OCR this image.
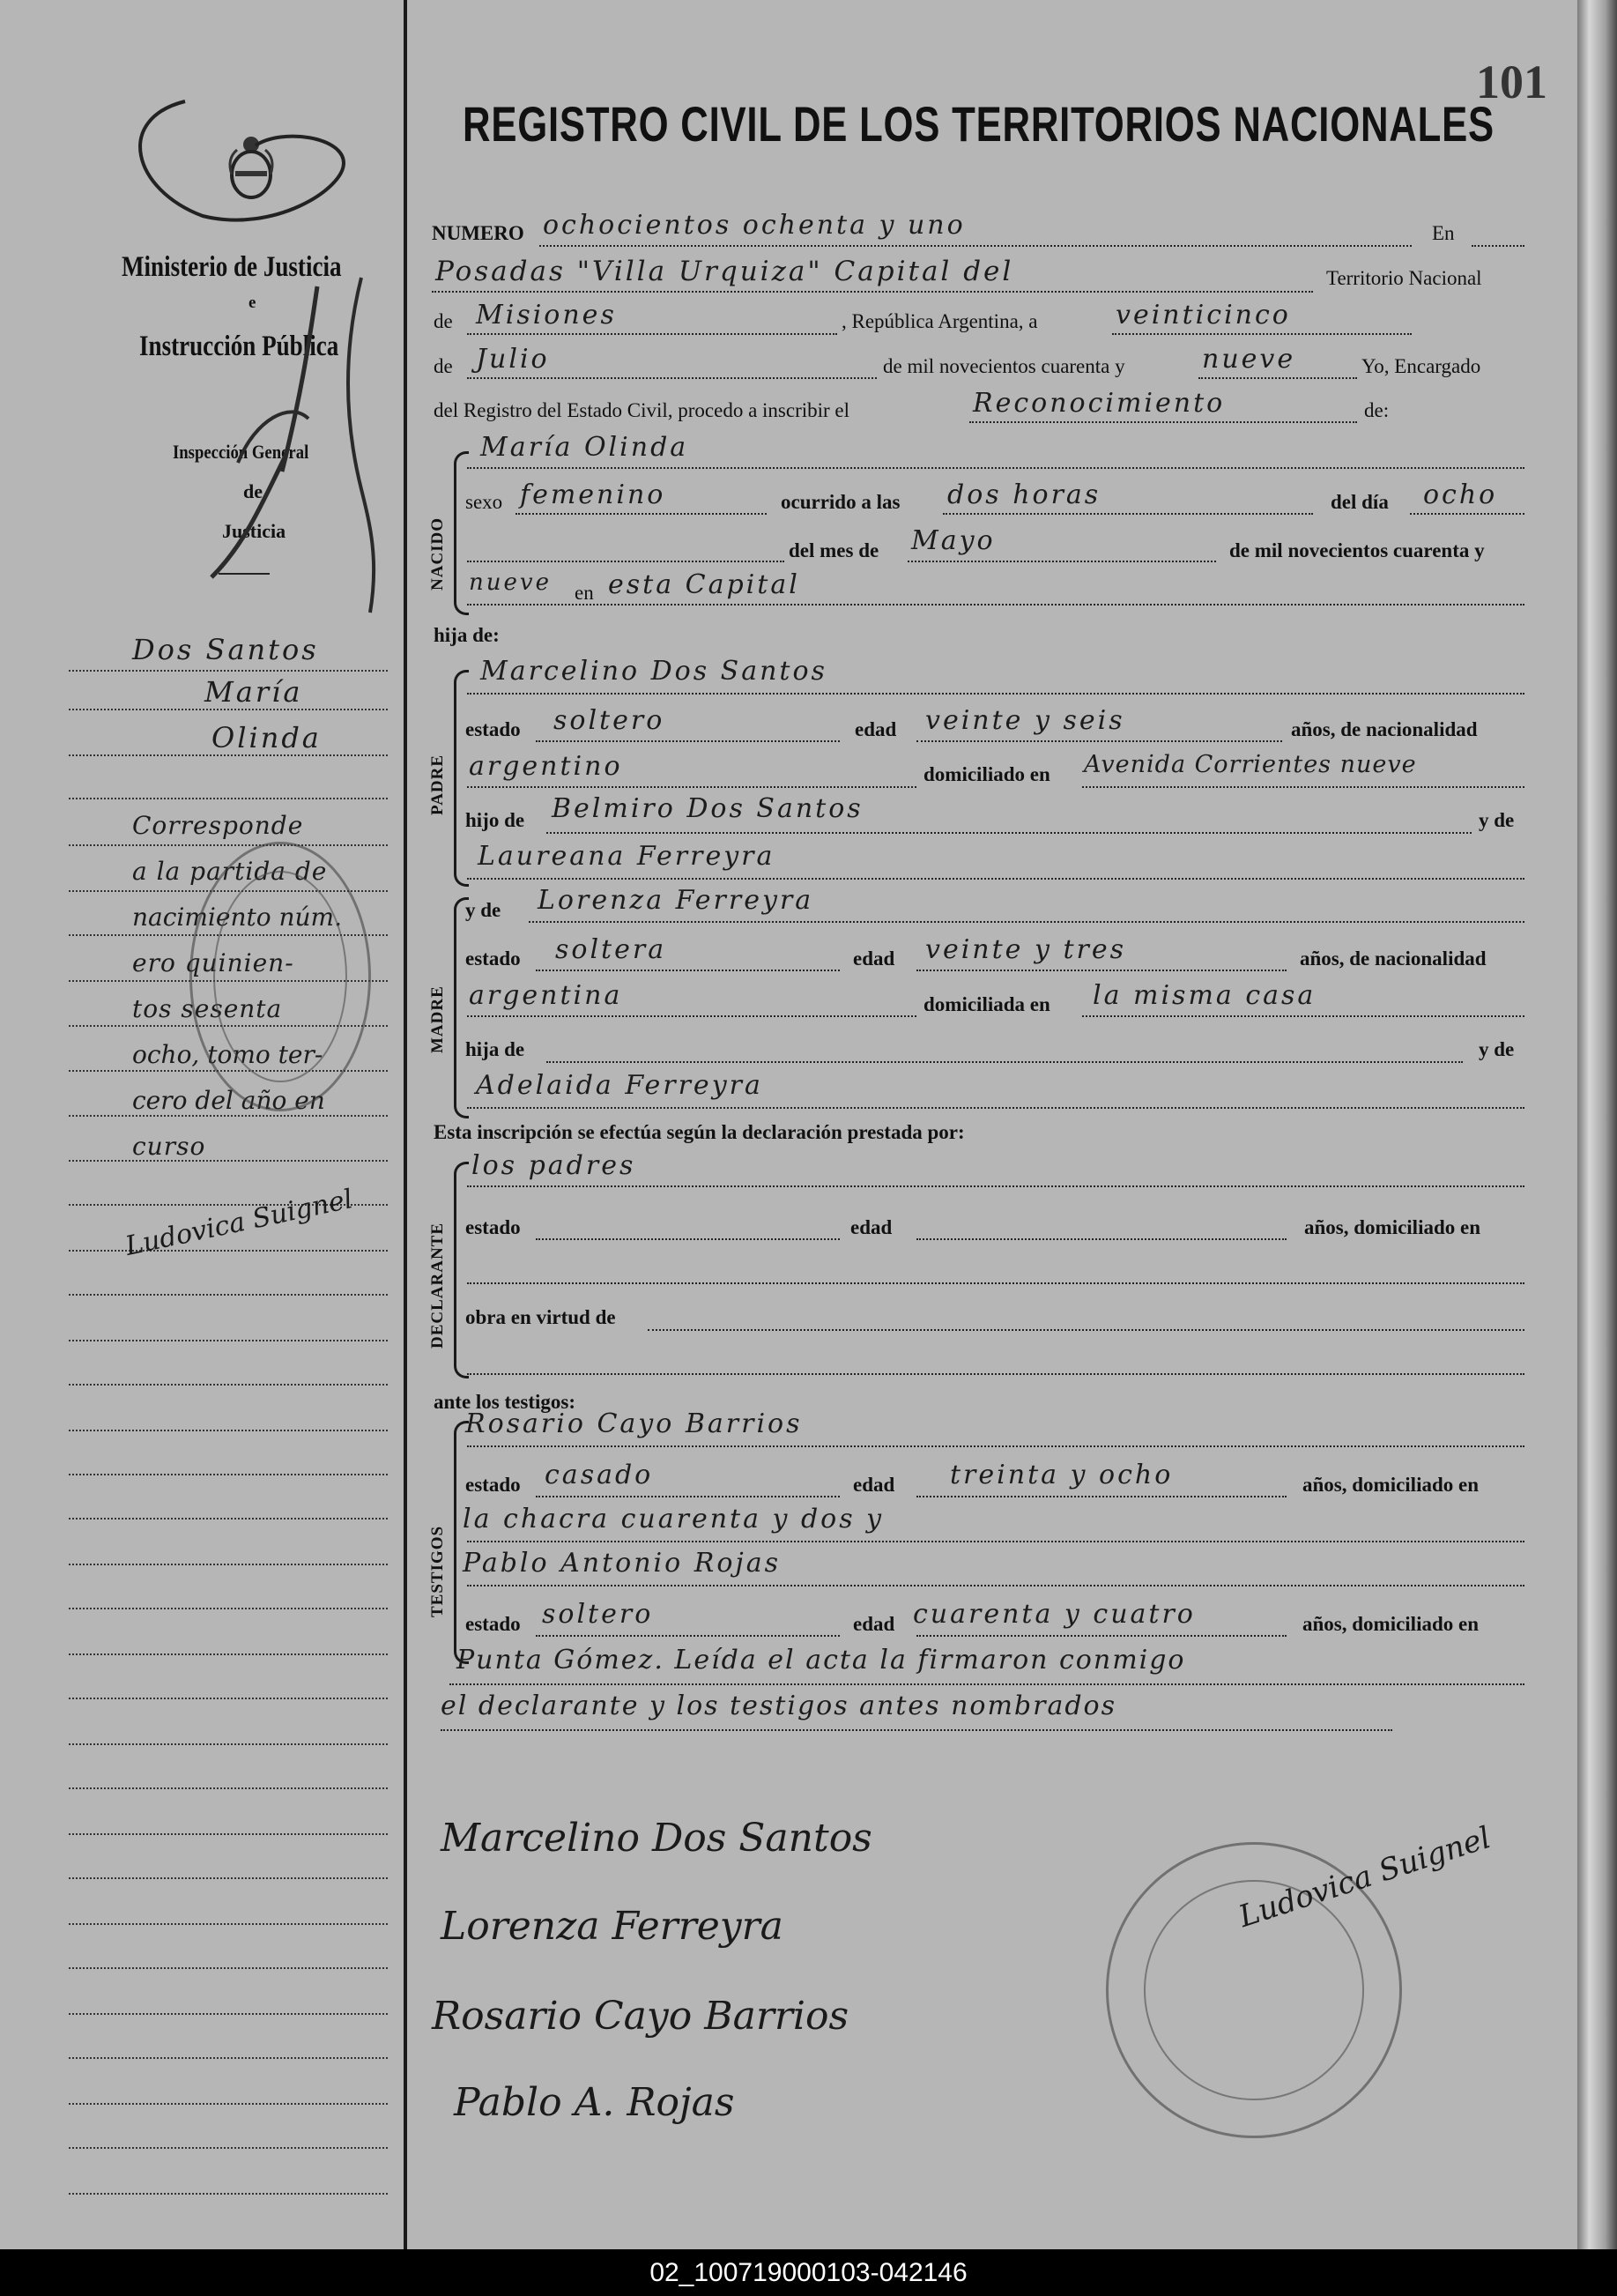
101
Ministerio de Justicia
e
Instrucción Pública
Inspección General
de
Justicia
Dos Santos
María
Olinda
Corresponde
a la partida de
nacimiento núm.
ero quinien-
tos sesenta
ocho, tomo ter-
cero del año en
curso
Ludovica Suignel
REGISTRO CIVIL DE LOS TERRITORIOS NACIONALES
NUMERO ochocientos ochenta y uno	En
Posadas "Villa Urquiza" Capital del	Territorio Nacional
de Misiones	, República Argentina, a	veinticinco
de Julio	de mil novecientos cuarenta y	nueve	Yo, Encargado
del Registro del Estado Civil, procedo a inscribir el	Reconocimiento	de:
NACIDO
María Olinda
sexo femenino	ocurrido a las dos horas	del día ocho
del mes de Mayo	de mil novecientos cuarenta y
nueve en esta Capital
hija de:
PADRE
Marcelino Dos Santos
estado soltero	edad veinte y seis	años, de nacionalidad
argentino	domiciliado en Avenida Corrientes nueve
hijo de Belmiro Dos Santos	y de
Laureana Ferreyra
MADRE
y de Lorenza Ferreyra
estado soltera	edad veinte y tres	años, de nacionalidad
argentina	domiciliada en la misma casa
hija de	y de
Adelaida Ferreyra
Esta inscripción se efectúa según la declaración prestada por:
DECLARANTE
los padres
estado	edad	años, domiciliado en
obra en virtud de
ante los testigos:
TESTIGOS
Rosario Cayo Barrios
estado casado	edad treinta y ocho	años, domiciliado en
la chacra cuarenta y dos y
Pablo Antonio Rojas
estado soltero	edad cuarenta y cuatro	años, domiciliado en
Punta Gómez. Leída el acta la firmaron conmigo
el declarante y los testigos antes nombrados
Marcelino Dos Santos
Lorenza Ferreyra
Rosario Cayo Barrios
Pablo A. Rojas
Ludovica Suignel
02_100719000103-042146
